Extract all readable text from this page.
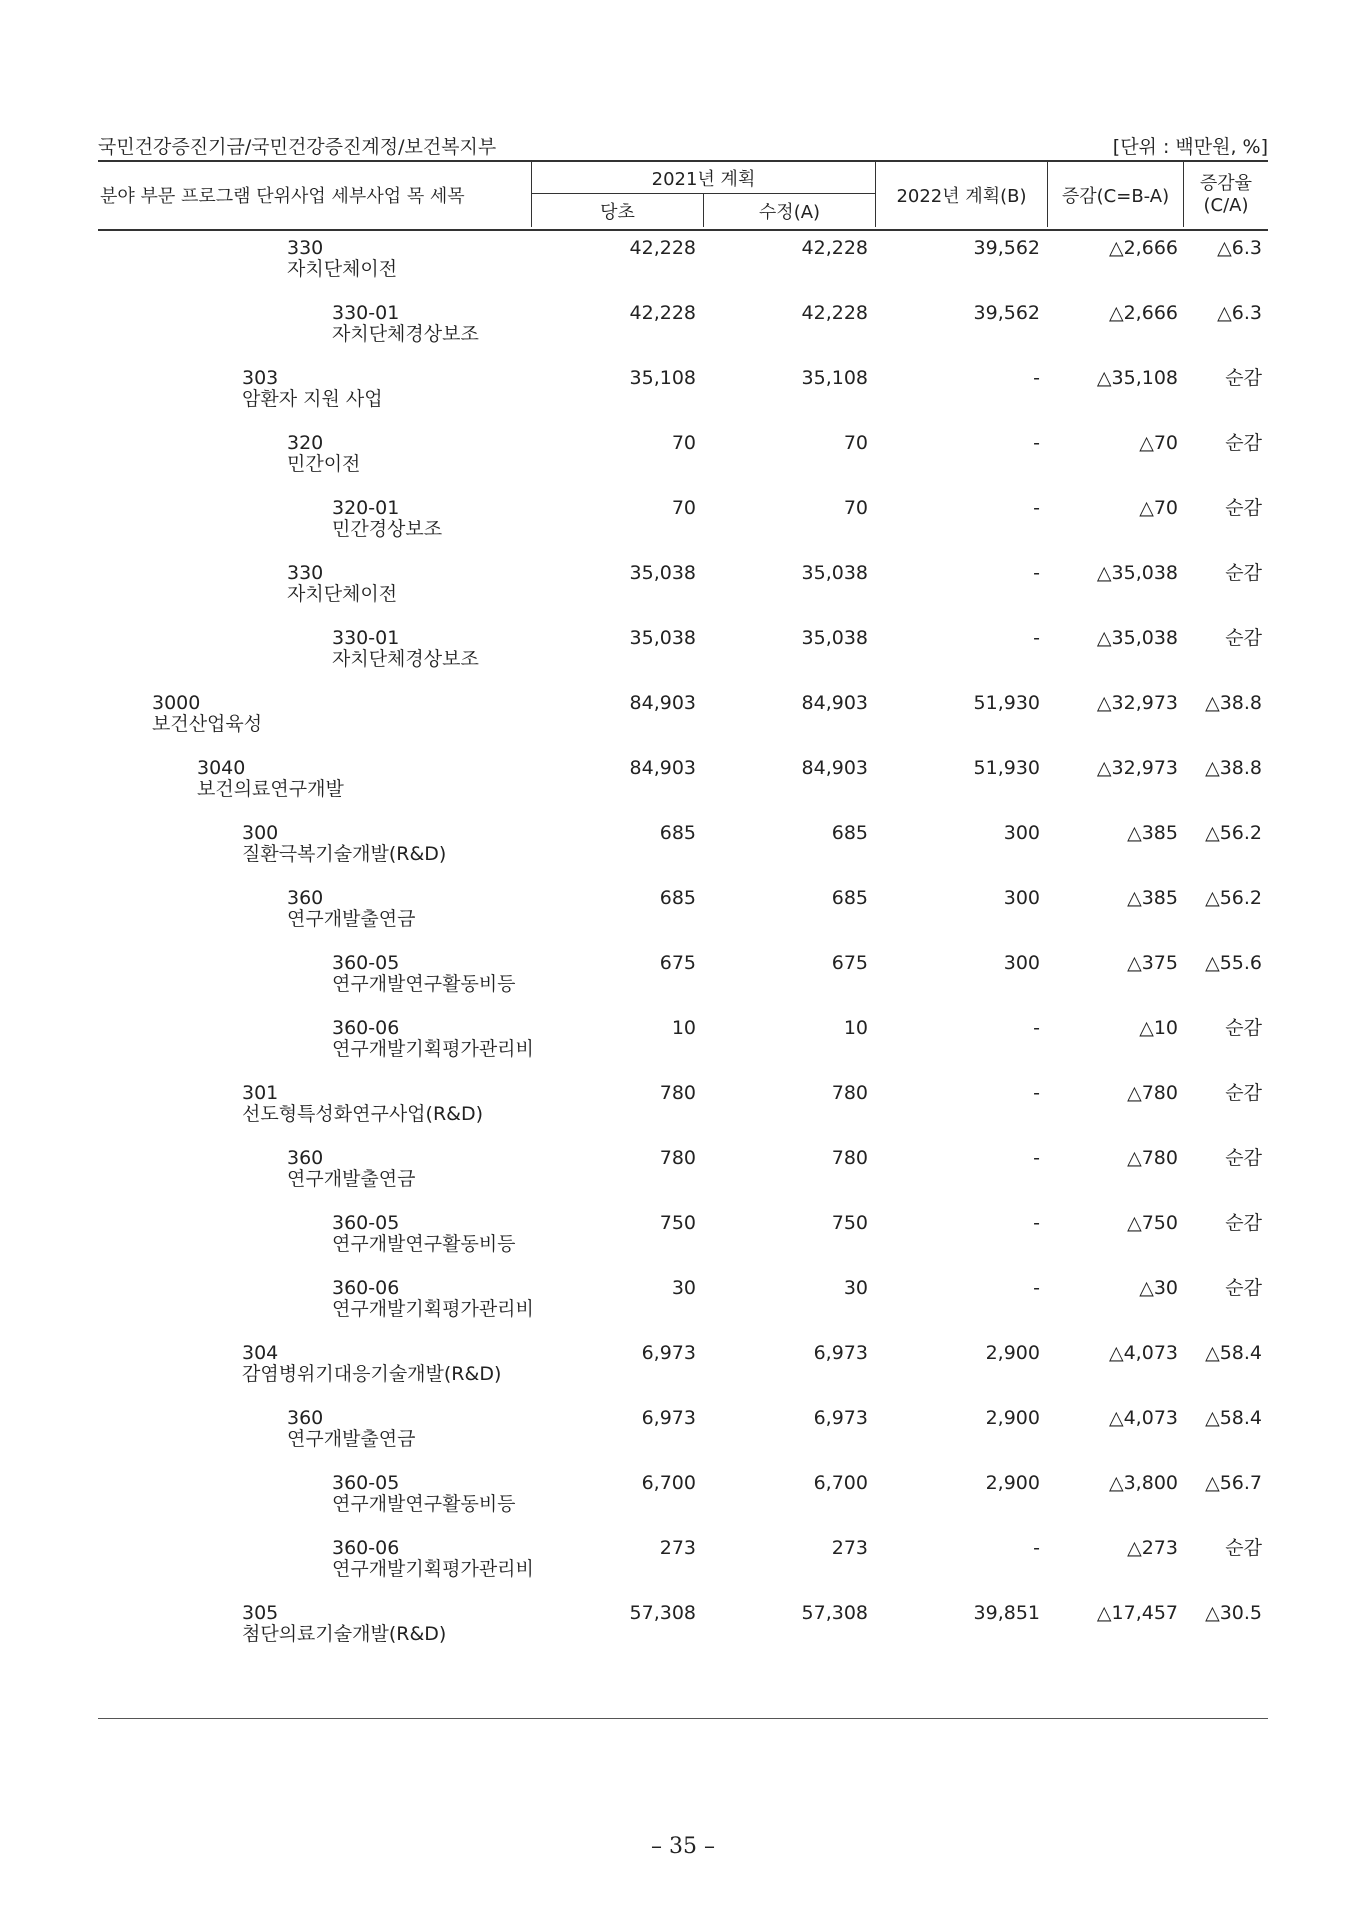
국민건강증진기금/국민건강증진계정/보건복지부	[단위 : 백만원, %]
분야 부문 프로그램 단위사업 세부사업 목 세목
2021년 계획
당초	수정(A)
2022년 계획(B)	증감(C=B-A)
증감율
(C/A)
330
자치단체이전
42,228	42,228	39,562	△2,666	△6.3
330-01
자치단체경상보조
42,228	42,228	39,562	△2,666	△6.3
303
암환자 지원 사업
35,108	35,108	-	△35,108	순감
320
민간이전
70	70	-	△70	순감
320-01
민간경상보조
70	70	-	△70	순감
330
자치단체이전
35,038	35,038	-	△35,038	순감
330-01
자치단체경상보조
35,038	35,038	-	△35,038	순감
3000
보건산업육성
84,903	84,903	51,930	△32,973	△38.8
3040
보건의료연구개발
84,903	84,903	51,930	△32,973	△38.8
300
질환극복기술개발(R&D)
685	685	300	△385	△56.2
360
연구개발출연금
685	685	300	△385	△56.2
360-05
연구개발연구활동비등
675	675	300	△375	△55.6
360-06
연구개발기획평가관리비
10	10	-	△10	순감
301
선도형특성화연구사업(R&D)
780	780	-	△780	순감
360
연구개발출연금
780	780	-	△780	순감
360-05
연구개발연구활동비등
750	750	-	△750	순감
360-06
연구개발기획평가관리비
30	30	-	△30	순감
304
감염병위기대응기술개발(R&D)
6,973	6,973	2,900	△4,073	△58.4
360
연구개발출연금
6,973	6,973	2,900	△4,073	△58.4
360-05
연구개발연구활동비등
6,700	6,700	2,900	△3,800	△56.7
360-06
연구개발기획평가관리비
273	273	-	△273	순감
305
첨단의료기술개발(R&D)
57,308	57,308	39,851	△17,457	△30.5
– 35 –
